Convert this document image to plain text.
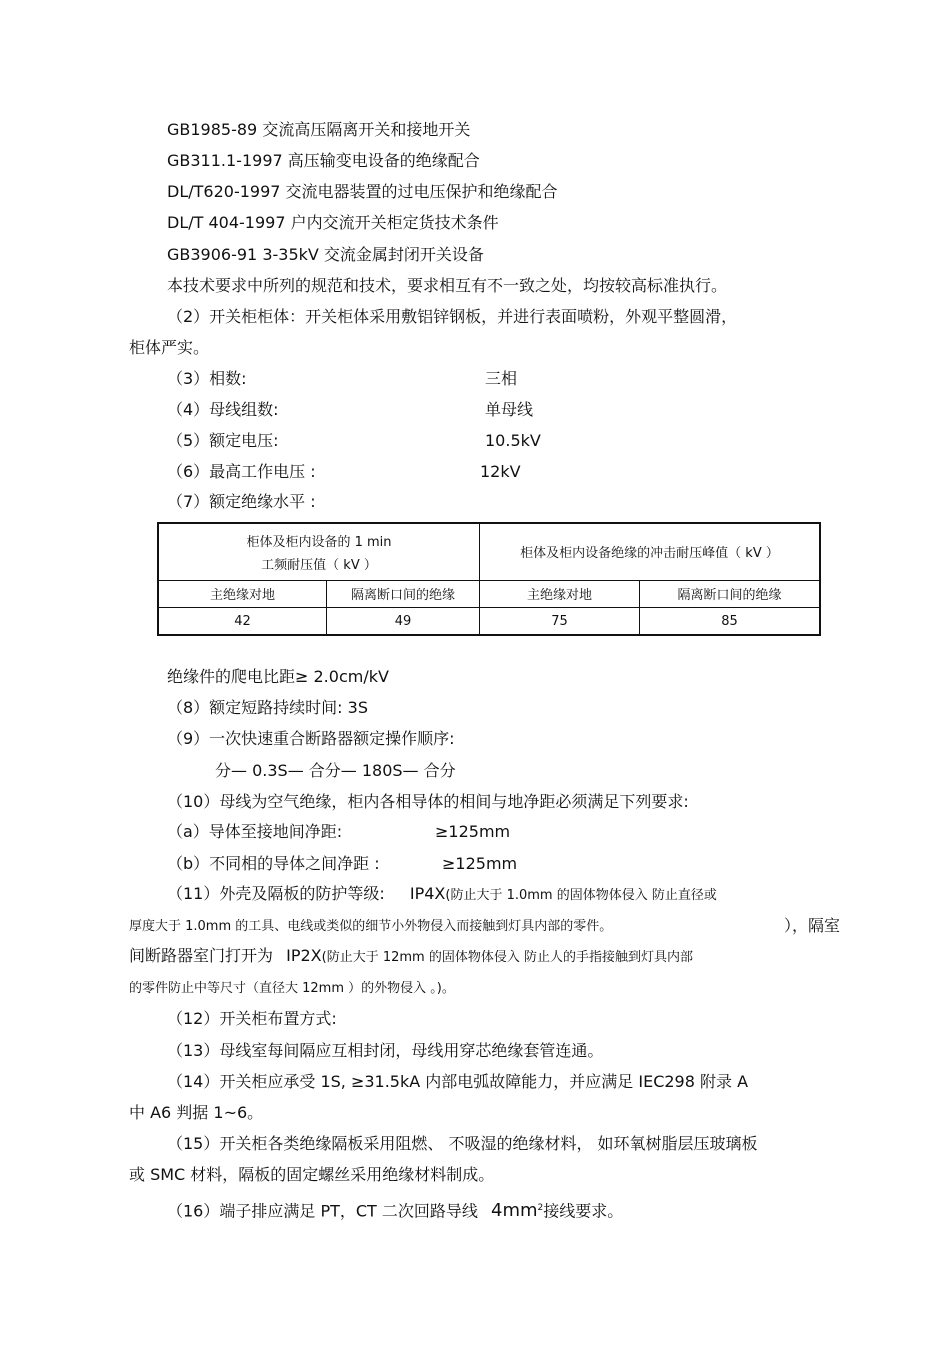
GB1985-89 交流高压隔离开关和接地开关
GB311.1-1997 高压输变电设备的绝缘配合
DL/T620-1997 交流电器装置的过电压保护和绝缘配合
DL/T 404-1997 户内交流开关柜定货技术条件
GB3906-91 3-35kV 交流金属封闭开关设备
本技术要求中所列的规范和技术，要求相互有不一致之处，均按较高标准执行。
（2）开关柜柜体：开关柜体采用敷铝锌钢板，并进行表面喷粉，外观平整圆滑，
柜体严实。
（3）相数:	三相
（4）母线组数:	单母线
（5）额定电压:	10.5kV
（6）最高工作电压 :	12kV
（7）额定绝缘水平 :
柜体及柜内设备的 1 min
工频耐压值（ kV ）		柜体及柜内设备绝缘的冲击耐压峰值（ kV ）	
主绝缘对地	隔离断口间的绝缘	主绝缘对地	隔离断口间的绝缘
42	49	75	85
绝缘件的爬电比距≥ 2.0cm/kV
（8）额定短路持续时间: 3S
（9）一次快速重合断路器额定操作顺序:
分— 0.3S— 合分— 180S— 合分
（10）母线为空气绝缘，柜内各相导体的相间与地净距必须满足下列要求:
（a）导体至接地间净距:	≥125mm
（b）不同相的导体之间净距 :	≥125mm
（11）外壳及隔板的防护等级: IP4X(防止大于 1.0mm 的固体物体侵入 防止直径或
厚度大于 1.0mm 的工具、电线或类似的细节小外物侵入而接触到灯具内部的零件。	），隔室
间断路器室门打开为 IP2X(防止大于 12mm 的固体物体侵入 防止人的手指接触到灯具内部
的零件防止中等尺寸（直径大 12mm ）的外物侵入 。)。
（12）开关柜布置方式:
（13）母线室每间隔应互相封闭，母线用穿芯绝缘套管连通。
（14）开关柜应承受 1S, ≥31.5kA 内部电弧故障能力，并应满足 IEC298 附录 A
中 A6 判据 1~6。
（15）开关柜各类绝缘隔板采用阻燃、 不吸湿的绝缘材料， 如环氧树脂层压玻璃板
或 SMC 材料，隔板的固定螺丝采用绝缘材料制成。
（16）端子排应满足 PT，CT 二次回路导线 $4mm^2$接线要求。
